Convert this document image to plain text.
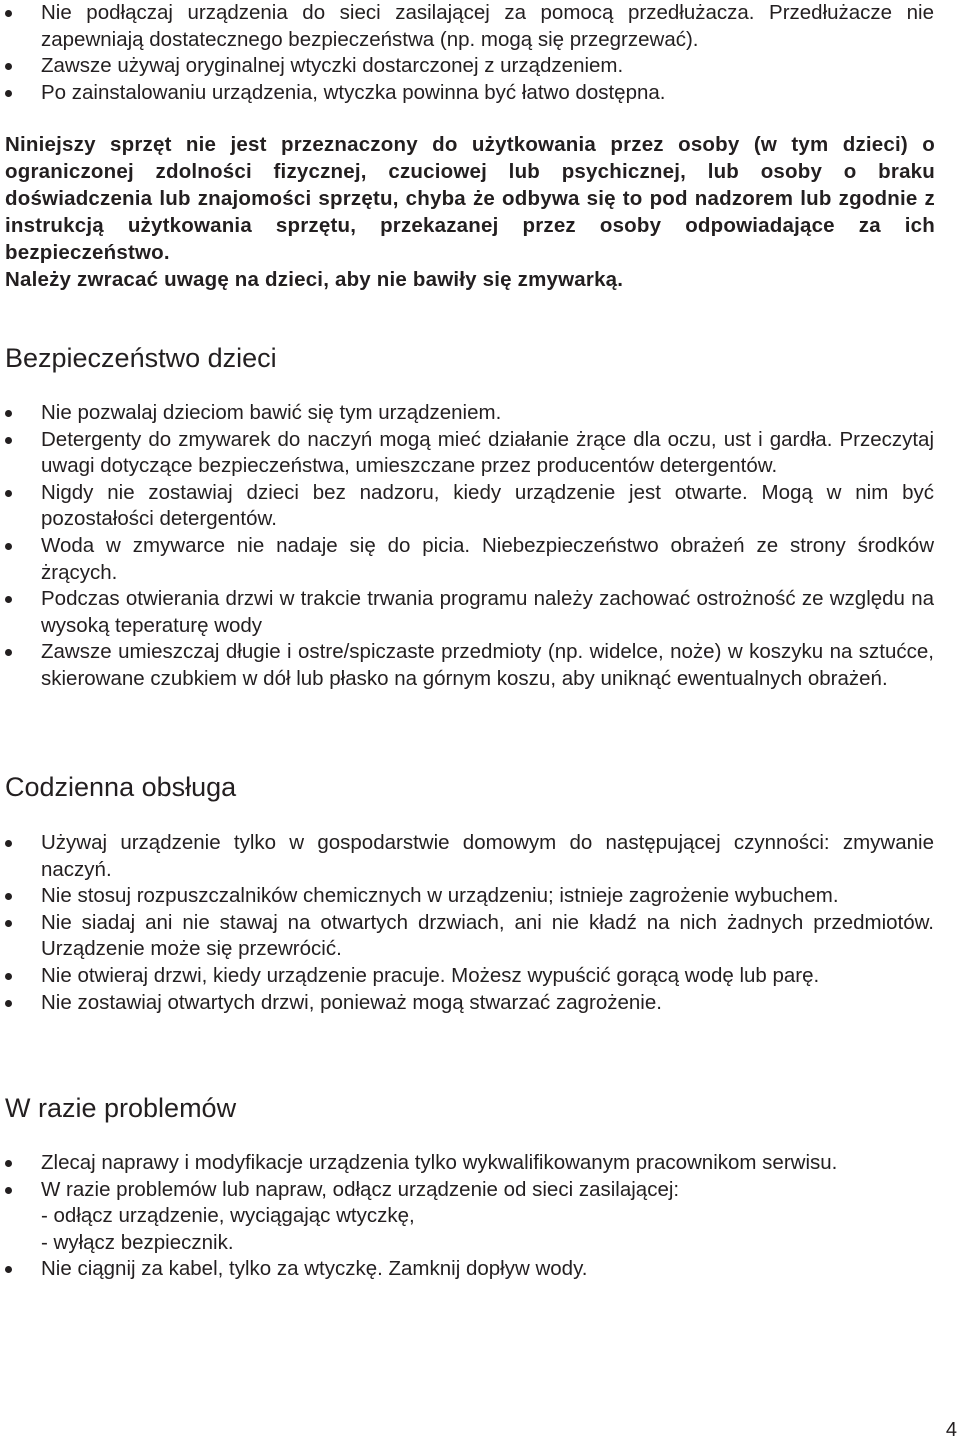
Nie podłączaj urządzenia do sieci zasilającej za pomocą przedłużacza. Przedłużacze nie zapewniają dostatecznego bezpieczeństwa (np. mogą się przegrzewać).
Zawsze używaj oryginalnej wtyczki dostarczonej z urządzeniem.
Po zainstalowaniu urządzenia, wtyczka powinna być łatwo dostępna.

Niniejszy sprzęt nie jest przeznaczony do użytkowania przez osoby (w tym dzieci) o ograniczonej zdolności fizycznej, czuciowej lub psychicznej, lub osoby o braku doświadczenia lub znajomości sprzętu, chyba że odbywa się to pod nadzorem lub zgodnie z instrukcją użytkowania sprzętu, przekazanej przez osoby odpowiadające za ich bezpieczeństwo.

Należy zwracać uwagę na dzieci, aby nie bawiły się zmywarką.

Bezpieczeństwo dzieci
Nie pozwalaj dzieciom bawić się tym urządzeniem.
Detergenty do zmywarek do naczyń mogą mieć działanie żrące dla oczu, ust i gardła. Przeczytaj uwagi dotyczące bezpieczeństwa, umieszczane przez producentów detergentów.
Nigdy nie zostawiaj dzieci bez nadzoru, kiedy urządzenie jest otwarte. Mogą w nim być pozostałości detergentów.
Woda w zmywarce nie nadaje się do picia. Niebezpieczeństwo obrażeń ze strony środków żrących.
Podczas otwierania drzwi w trakcie trwania programu należy zachować ostrożność ze względu na wysoką teperaturę wody
Zawsze umieszczaj długie i ostre/spiczaste przedmioty (np. widelce, noże) w koszyku na sztućce, skierowane czubkiem w dół lub płasko na górnym koszu, aby uniknąć ewentualnych obrażeń.
Codzienna obsługa
Używaj urządzenie tylko w gospodarstwie domowym do następującej czynności: zmywanie naczyń.
Nie stosuj rozpuszczalników chemicznych w urządzeniu; istnieje zagrożenie wybuchem.
Nie siadaj ani nie stawaj na otwartych drzwiach, ani nie kładź na nich żadnych przedmiotów. Urządzenie może się przewrócić.
Nie otwieraj drzwi, kiedy urządzenie pracuje. Możesz wypuścić gorącą wodę lub parę.
Nie zostawiaj otwartych drzwi, ponieważ mogą stwarzać zagrożenie.
W razie problemów
Zlecaj naprawy i modyfikacje urządzenia tylko wykwalifikowanym pracownikom serwisu.
W razie problemów lub napraw, odłącz urządzenie od sieci zasilającej:
- odłącz urządzenie, wyciągając wtyczkę,
- wyłącz bezpiecznik.
Nie ciągnij za kabel, tylko za wtyczkę. Zamknij dopływ wody.
4
